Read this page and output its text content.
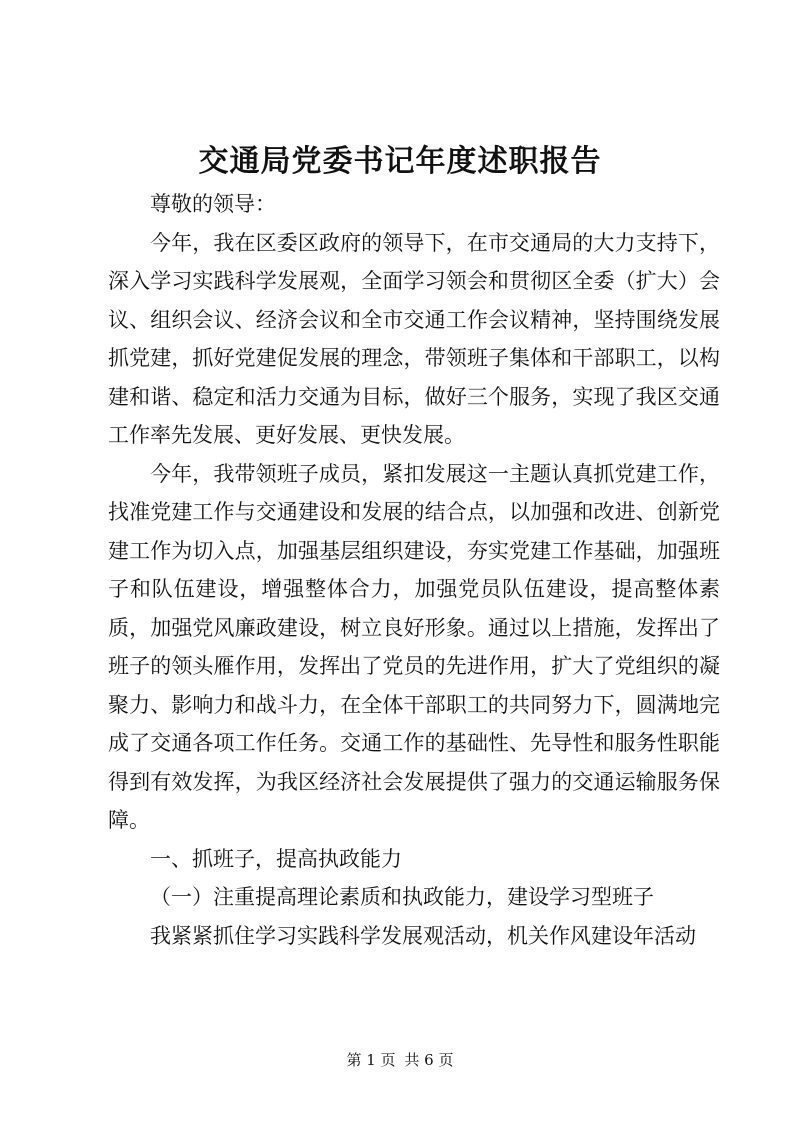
交通局党委书记年度述职报告

尊敬的领导：

今年，我在区委区政府的领导下，在市交通局的大力支持下，深入学习实践科学发展观，全面学习领会和贯彻区全委（扩大）会议、组织会议、经济会议和全市交通工作会议精神，坚持围绕发展抓党建，抓好党建促发展的理念，带领班子集体和干部职工，以构建和谐、稳定和活力交通为目标，做好三个服务，实现了我区交通工作率先发展、更好发展、更快发展。

今年，我带领班子成员，紧扣发展这一主题认真抓党建工作，找准党建工作与交通建设和发展的结合点，以加强和改进、创新党建工作为切入点，加强基层组织建设，夯实党建工作基础，加强班子和队伍建设，增强整体合力，加强党员队伍建设，提高整体素质，加强党风廉政建设，树立良好形象。通过以上措施，发挥出了班子的领头雁作用，发挥出了党员的先进作用，扩大了党组织的凝聚力、影响力和战斗力，在全体干部职工的共同努力下，圆满地完成了交通各项工作任务。交通工作的基础性、先导性和服务性职能得到有效发挥，为我区经济社会发展提供了强力的交通运输服务保障。

一、抓班子，提高执政能力

（一）注重提高理论素质和执政能力，建设学习型班子

我紧紧抓住学习实践科学发展观活动，机关作风建设年活动

第 1 页 共 6 页
